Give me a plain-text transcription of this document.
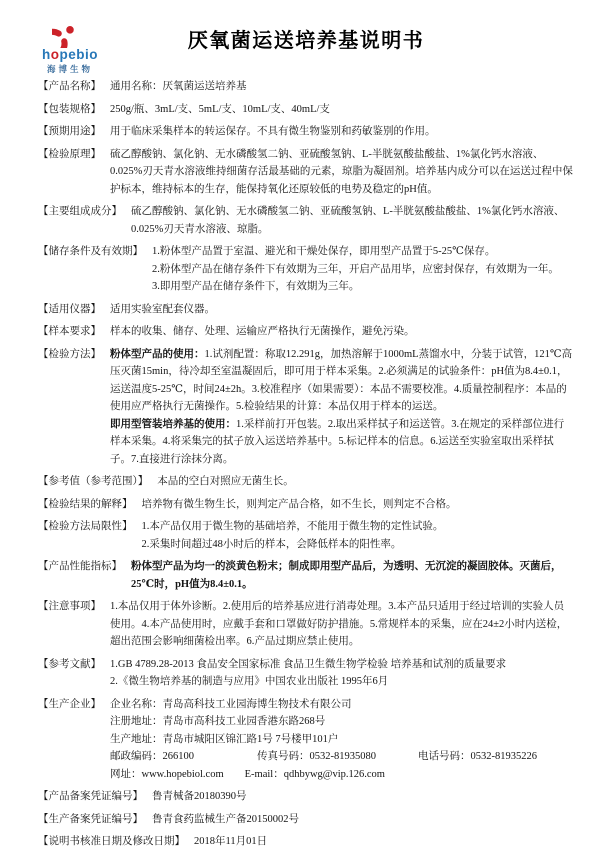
hopebio
海博生物
厌氧菌运送培养基说明书
【产品名称】 通用名称：厌氧菌运送培养基
【包装规格】 250g/瓶、3mL/支、5mL/支、10mL/支、40mL/支
【预期用途】 用于临床采集样本的转运保存。不具有微生物鉴别和药敏鉴别的作用。
【检验原理】 硫乙醇酸钠、氯化钠、无水磷酸氢二钠、亚硫酸氢钠、L-半胱氨酸盐酸盐、1%氯化钙水溶液、0.025%刃天青水溶液维持细菌存活最基础的元素，琼脂为凝固剂。培养基内成分可以在运送过程中保护标本，维持标本的生存，能保持氧化还原较低的电势及稳定的pH值。
【主要组成成分】 硫乙醇酸钠、氯化钠、无水磷酸氢二钠、亚硫酸氢钠、L-半胱氨酸盐酸盐、1%氯化钙水溶液、0.025%刃天青水溶液、琼脂。
【储存条件及有效期】 1.粉体型产品置于室温、避光和干燥处保存，即用型产品置于5-25℃保存。
2.粉体型产品在储存条件下有效期为三年，开启产品用毕，应密封保存，有效期为一年。
3.即用型产品在储存条件下，有效期为三年。
【适用仪器】 适用实验室配套仪器。
【样本要求】 样本的收集、储存、处理、运输应严格执行无菌操作，避免污染。
【检验方法】 粉体型产品的使用：1.试剂配置：称取12.291g，加热溶解于1000mL蒸馏水中，分装于试管，121℃高压灭菌15min，待冷却至室温凝固后，即可用于样本采集。2.必须满足的试验条件：pH值为8.4±0.1，运送温度5-25℃，时间24±2h。3.校准程序（如果需要）：本品不需要校准。4.质量控制程序：本品的使用应严格执行无菌操作。5.检验结果的计算：本品仅用于样本的运送。
即用型管装培养基的使用：1.采样前打开包装。2.取出采样拭子和运送管。3.在规定的采样部位进行样本采集。4.将采集完的拭子放入运送培养基中。5.标记样本的信息。6.运送至实验室取出采样拭子。7.直接进行涂抹分离。
【参考值（参考范围）】 本品的空白对照应无菌生长。
【检验结果的解释】 培养物有微生物生长，则判定产品合格，如不生长，则判定不合格。
【检验方法局限性】 1.本产品仅用于微生物的基础培养，不能用于微生物的定性试验。
2.采集时间超过48小时后的样本，会降低样本的阳性率。
【产品性能指标】 粉体型产品为均一的淡黄色粉末；制成即用型产品后，为透明、无沉淀的凝固胶体。灭菌后，25℃时，pH值为8.4±0.1。
【注意事项】 1.本品仅用于体外诊断。2.使用后的培养基应进行消毒处理。3.本产品只适用于经过培训的实验人员使用。4.本产品使用时，应戴手套和口罩做好防护措施。5.常规样本的采集，应在24±2小时内送检，超出范围会影响细菌检出率。6.产品过期应禁止使用。
【参考文献】 1.GB 4789.28-2013 食品安全国家标准 食品卫生微生物学检验 培养基和试剂的质量要求
2.《微生物培养基的制造与应用》中国农业出版社 1995年6月
【生产企业】 企业名称：青岛高科技工业园海博生物技术有限公司
注册地址：青岛市高科技工业园香港东路268号
生产地址：青岛市城阳区锦汇路1号 7号楼甲101户
邮政编码：266100　　　　　　传真号码：0532-81935080　　　　电话号码：0532-81935226
网址：www.hopebiol.com　　E-mail：qdhbywg@vip.126.com
【产品备案凭证编号】 鲁青械备20180390号
【生产备案凭证编号】 鲁青食药监械生产备20150002号
【说明书核准日期及修改日期】 2018年11月01日
